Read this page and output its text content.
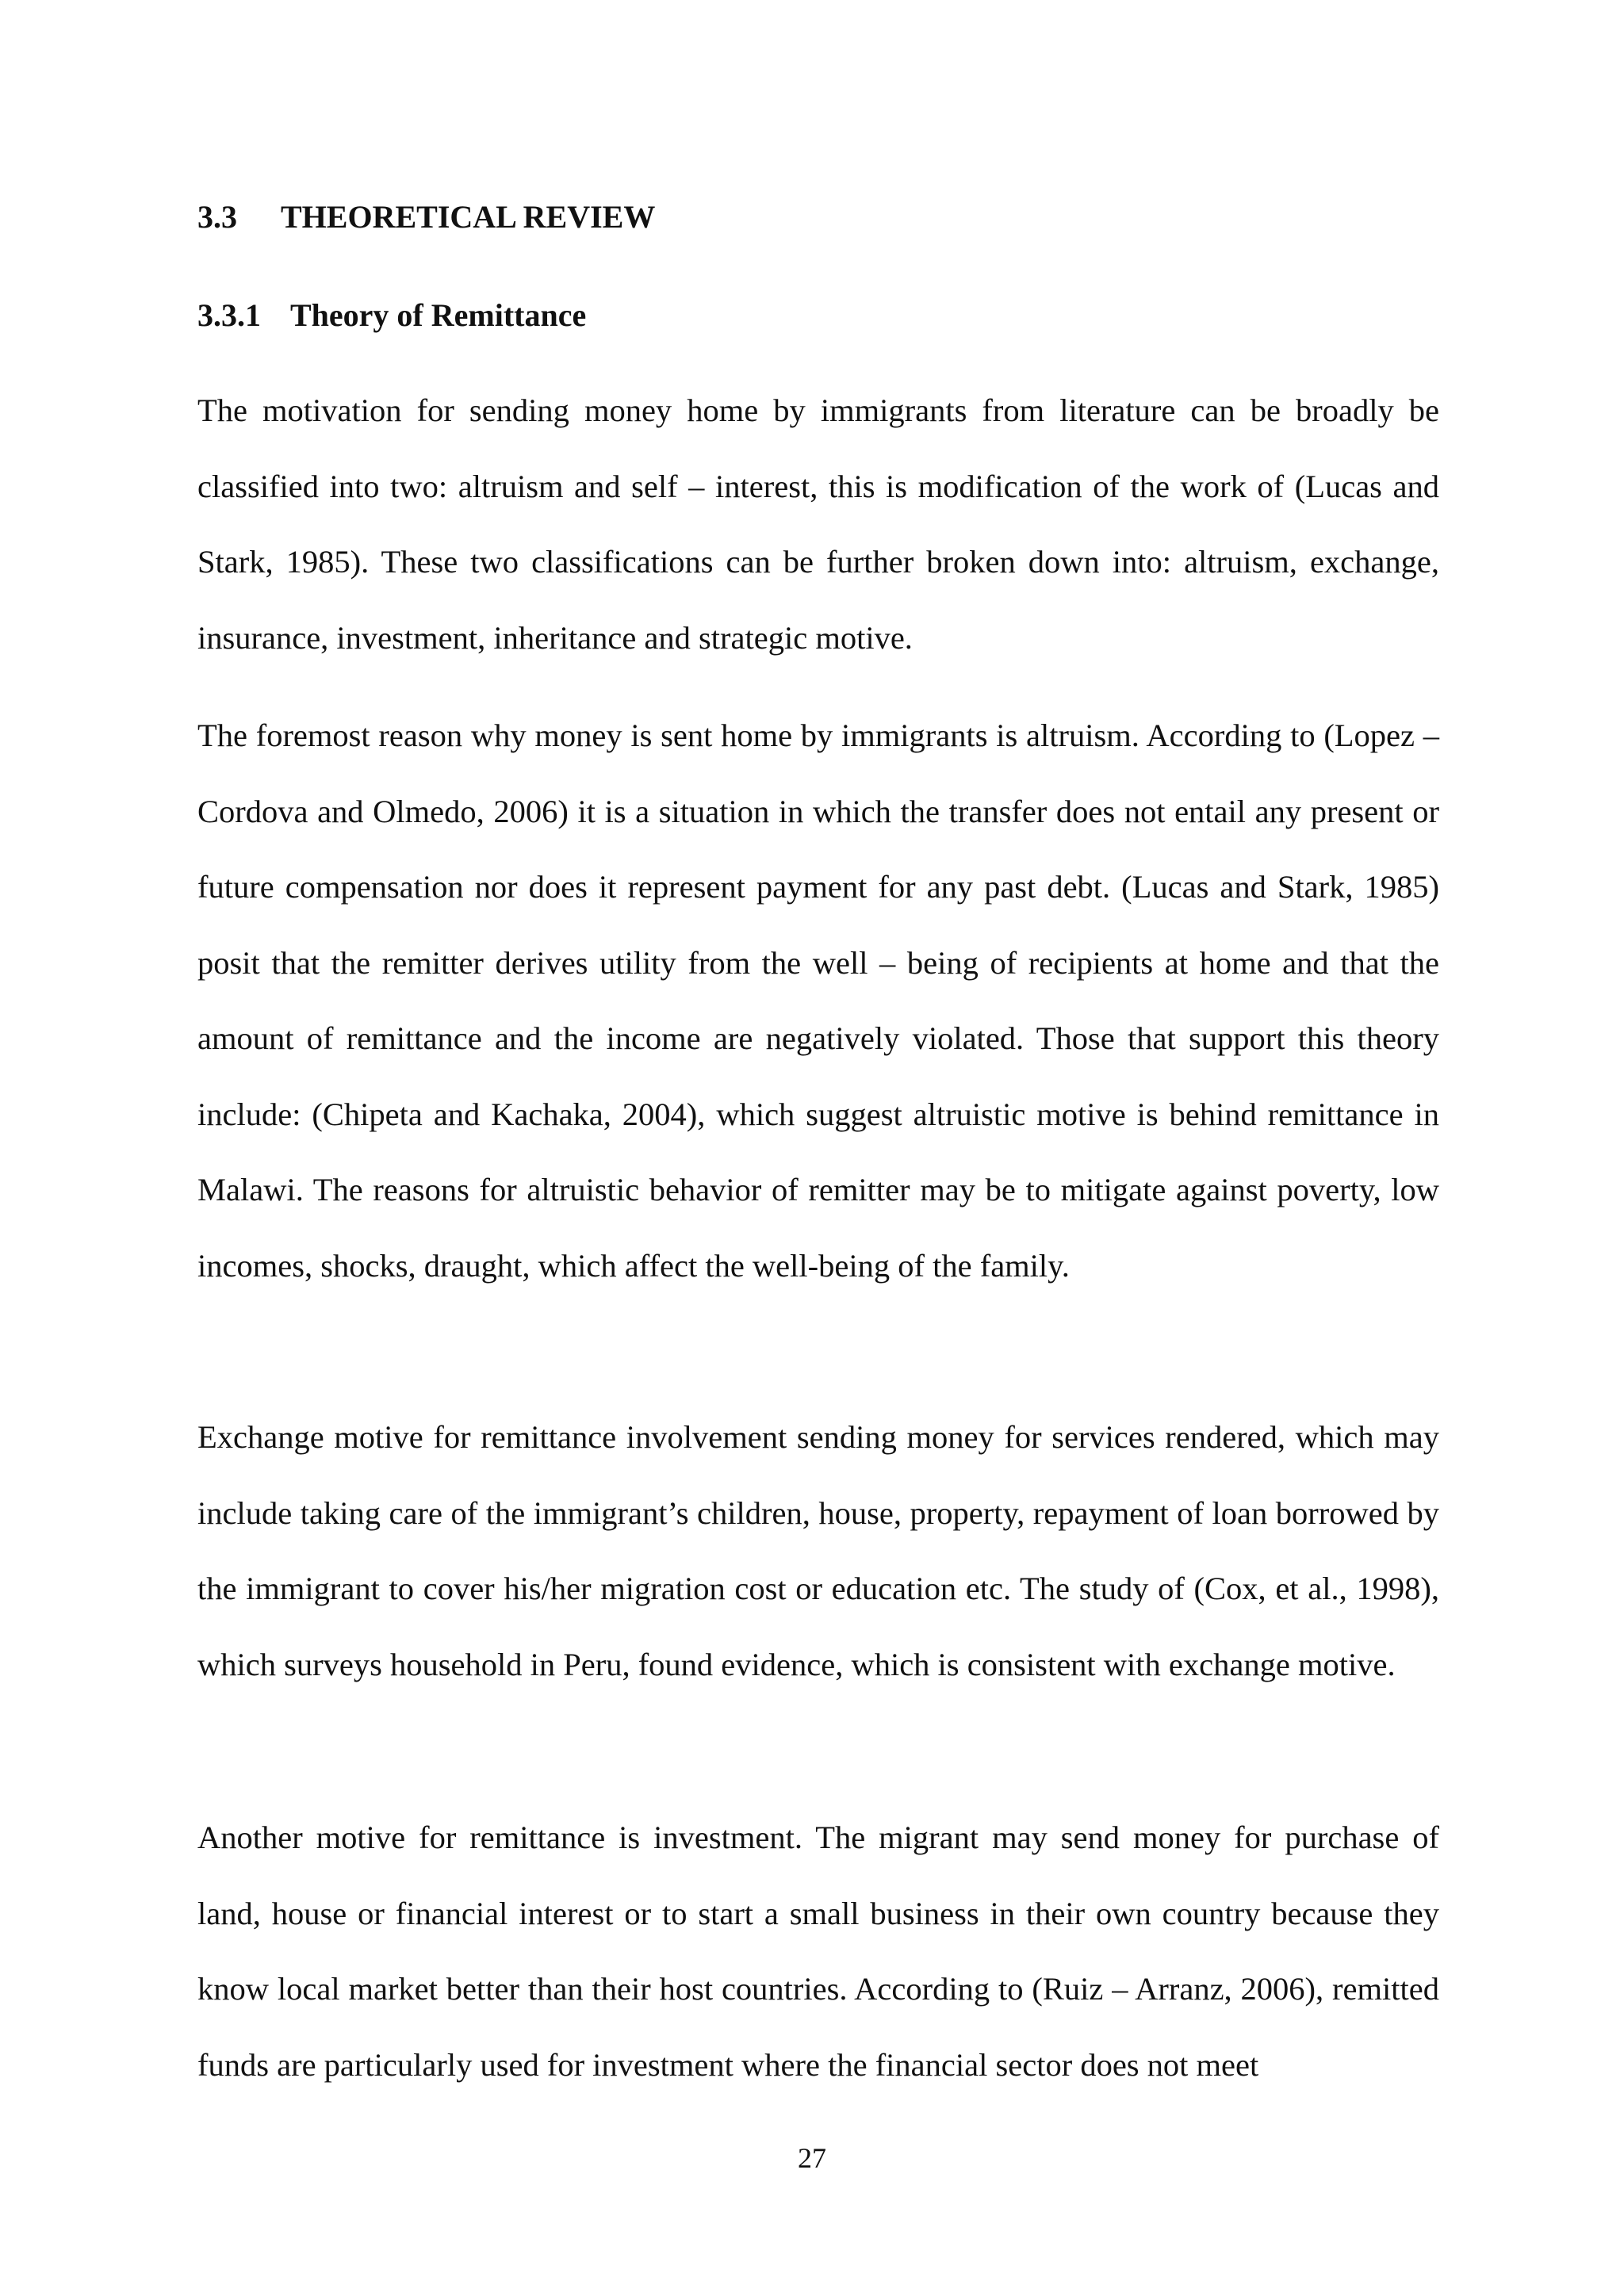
3.3 THEORETICAL REVIEW
3.3.1 Theory of Remittance

The motivation for sending money home by immigrants from literature can be broadly be classified into two: altruism and self – interest, this is modification of the work of (Lucas and Stark, 1985). These two classifications can be further broken down into: altruism, exchange, insurance, investment, inheritance and strategic motive.

The foremost reason why money is sent home by immigrants is altruism. According to (Lopez – Cordova and Olmedo, 2006) it is a situation in which the transfer does not entail any present or future compensation nor does it represent payment for any past debt. (Lucas and Stark, 1985) posit that the remitter derives utility from the well – being of recipients at home and that the amount of remittance and the income are negatively violated. Those that support this theory include: (Chipeta and Kachaka, 2004), which suggest altruistic motive is behind remittance in Malawi. The reasons for altruistic behavior of remitter may be to mitigate against poverty, low incomes, shocks, draught, which affect the well-being of the family.

Exchange motive for remittance involvement sending money for services rendered, which may include taking care of the immigrant’s children, house, property, repayment of loan borrowed by the immigrant to cover his/her migration cost or education etc. The study of (Cox, et al., 1998), which surveys household in Peru, found evidence, which is consistent with exchange motive.

Another motive for remittance is investment. The migrant may send money for purchase of land, house or financial interest or to start a small business in their own country because they know local market better than their host countries. According to (Ruiz – Arranz, 2006), remitted funds are particularly used for investment where the financial sector does not meet

27
